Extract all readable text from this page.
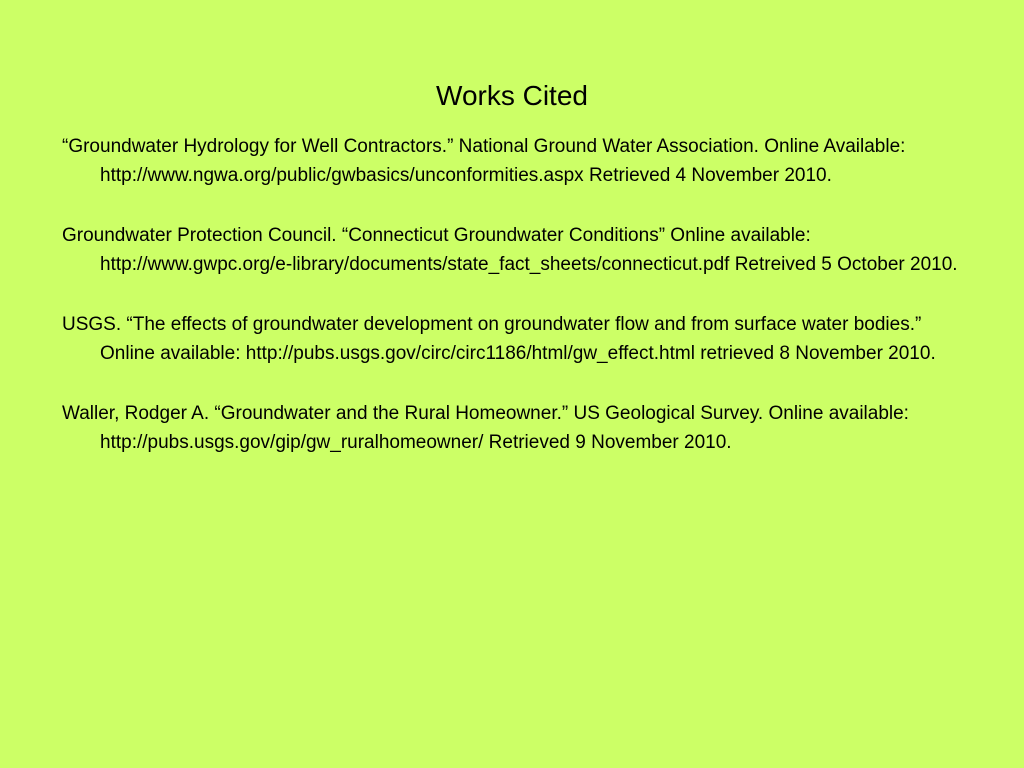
Works Cited
“Groundwater Hydrology for Well Contractors.” National Ground Water Association. Online Available: http://www.ngwa.org/public/gwbasics/unconformities.aspx Retrieved 4 November 2010.
Groundwater Protection Council. “Connecticut Groundwater Conditions” Online available: http://www.gwpc.org/e-library/documents/state_fact_sheets/connecticut.pdf Retreived 5 October 2010.
USGS. “The effects of groundwater development on groundwater flow and from surface water bodies.” Online available: http://pubs.usgs.gov/circ/circ1186/html/gw_effect.html retrieved 8 November 2010.
Waller, Rodger A. “Groundwater and the Rural Homeowner.” US Geological Survey. Online available: http://pubs.usgs.gov/gip/gw_ruralhomeowner/ Retrieved 9 November 2010.
